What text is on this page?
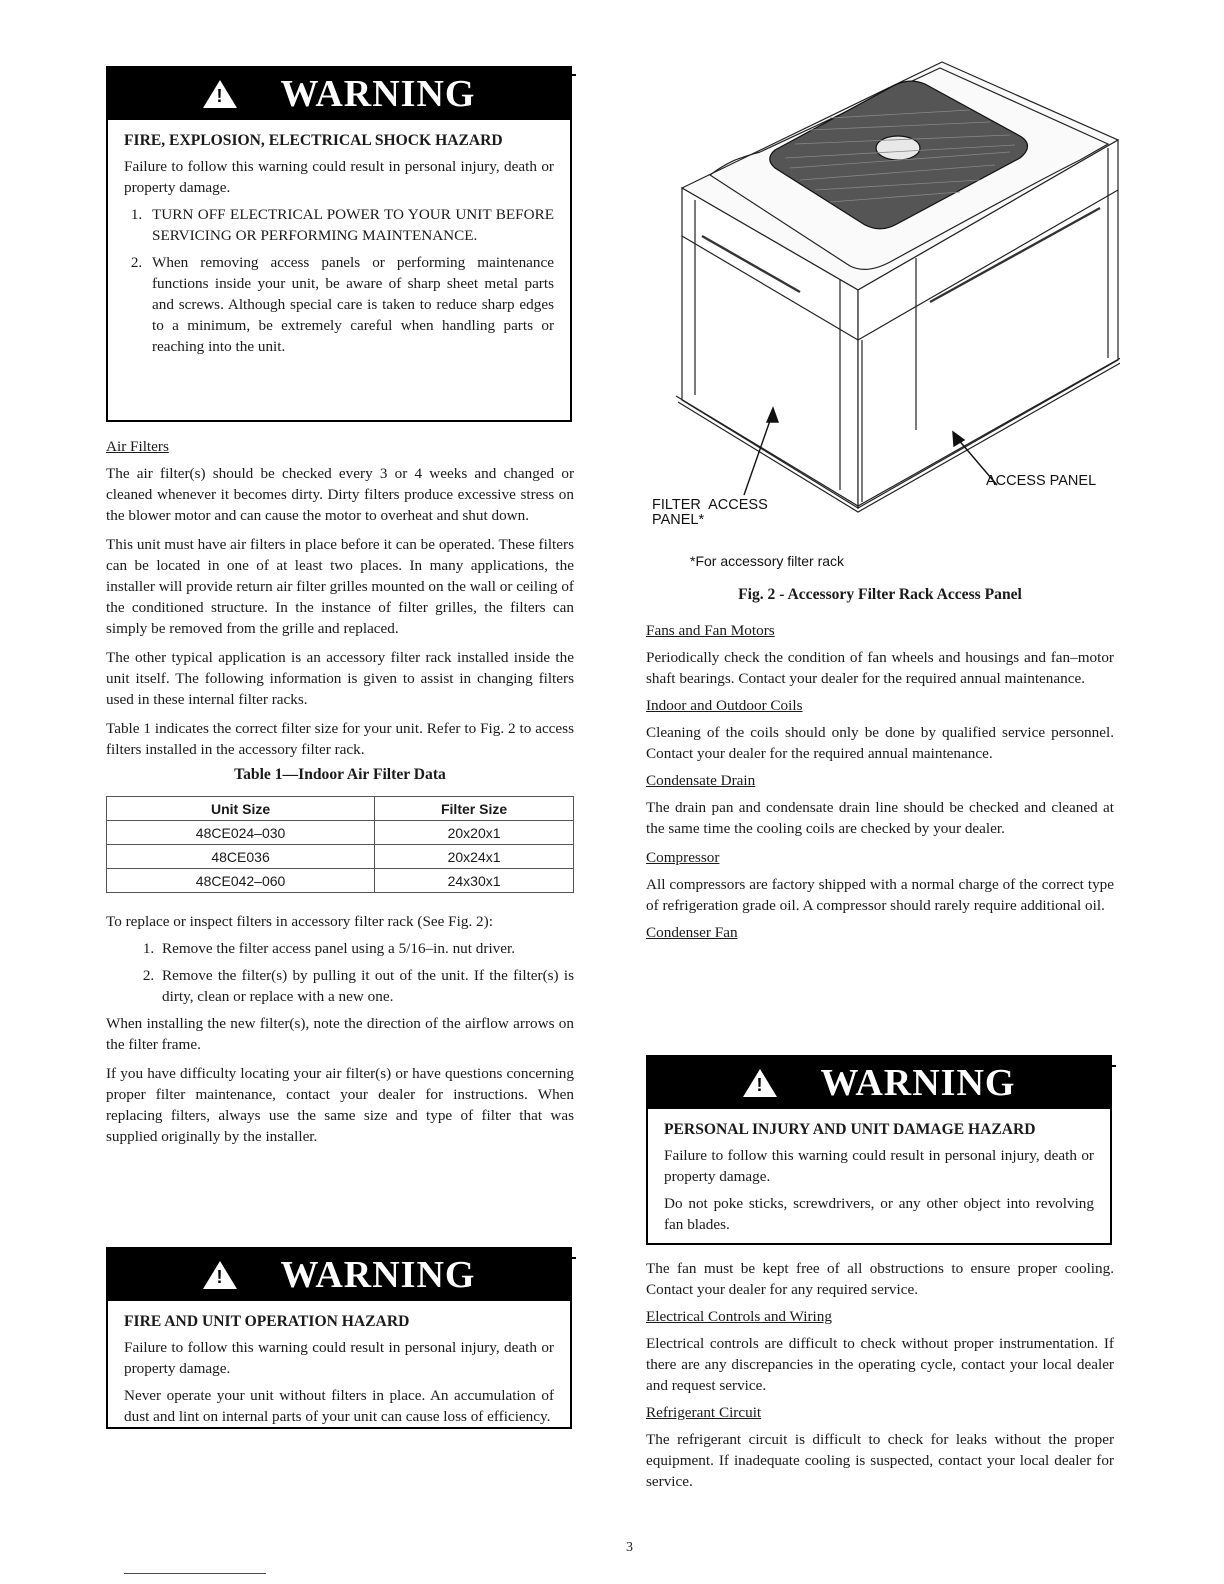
! WARNING
FIRE, EXPLOSION, ELECTRICAL SHOCK HAZARD

Failure to follow this warning could result in personal injury, death or property damage.

1. TURN OFF ELECTRICAL POWER TO YOUR UNIT BEFORE SERVICING OR PERFORMING MAINTENANCE.
2. When removing access panels or performing maintenance functions inside your unit, be aware of sharp sheet metal parts and screws. Although special care is taken to reduce sharp edges to a minimum, be extremely careful when handling parts or reaching into the unit.
Air Filters

The air filter(s) should be checked every 3 or 4 weeks and changed or cleaned whenever it becomes dirty. Dirty filters produce excessive stress on the blower motor and can cause the motor to overheat and shut down.

This unit must have air filters in place before it can be operated. These filters can be located in one of at least two places. In many applications, the installer will provide return air filter grilles mounted on the wall or ceiling of the conditioned structure. In the instance of filter grilles, the filters can simply be removed from the grille and replaced.

The other typical application is an accessory filter rack installed inside the unit itself. The following information is given to assist in changing filters used in these internal filter racks.

Table 1 indicates the correct filter size for your unit. Refer to Fig. 2 to access filters installed in the accessory filter rack.

Table 1—Indoor Air Filter Data
Unit Size	Filter Size
48CE024–030	20x20x1
48CE036	20x24x1
48CE042–060	24x30x1

To replace or inspect filters in accessory filter rack (See Fig. 2):

1. Remove the filter access panel using a 5/16–in. nut driver.
2. Remove the filter(s) by pulling it out of the unit. If the filter(s) is dirty, clean or replace with a new one.

When installing the new filter(s), note the direction of the airflow arrows on the filter frame.

If you have difficulty locating your air filter(s) or have questions concerning proper filter maintenance, contact your dealer for instructions. When replacing filters, always use the same size and type of filter that was supplied originally by the installer.

! WARNING
FIRE AND UNIT OPERATION HAZARD

Failure to follow this warning could result in personal injury, death or property damage.

Never operate your unit without filters in place. An accumulation of dust and lint on internal parts of your unit can cause loss of efficiency.

FILTER  ACCESS
PANEL*
ACCESS PANEL
*For accessory filter rack
Fig. 2 - Accessory Filter Rack Access Panel
Fans and Fan Motors

Periodically check the condition of fan wheels and housings and fan–motor shaft bearings. Contact your dealer for the required annual maintenance.

Indoor and Outdoor Coils

Cleaning of the coils should only be done by qualified service personnel. Contact your dealer for the required annual maintenance.

Condensate Drain

The drain pan and condensate drain line should be checked and cleaned at the same time the cooling coils are checked by your dealer.

Compressor

All compressors are factory shipped with a normal charge of the correct type of refrigeration grade oil. A compressor should rarely require additional oil.

Condenser Fan
! WARNING
PERSONAL INJURY AND UNIT DAMAGE HAZARD

Failure to follow this warning could result in personal injury, death or property damage.

Do not poke sticks, screwdrivers, or any other object into revolving fan blades.

The fan must be kept free of all obstructions to ensure proper cooling. Contact your dealer for any required service.

Electrical Controls and Wiring

Electrical controls are difficult to check without proper instrumentation. If there are any discrepancies in the operating cycle, contact your local dealer and request service.

Refrigerant Circuit

The refrigerant circuit is difficult to check for leaks without the proper equipment. If inadequate cooling is suspected, contact your local dealer for service.

3
